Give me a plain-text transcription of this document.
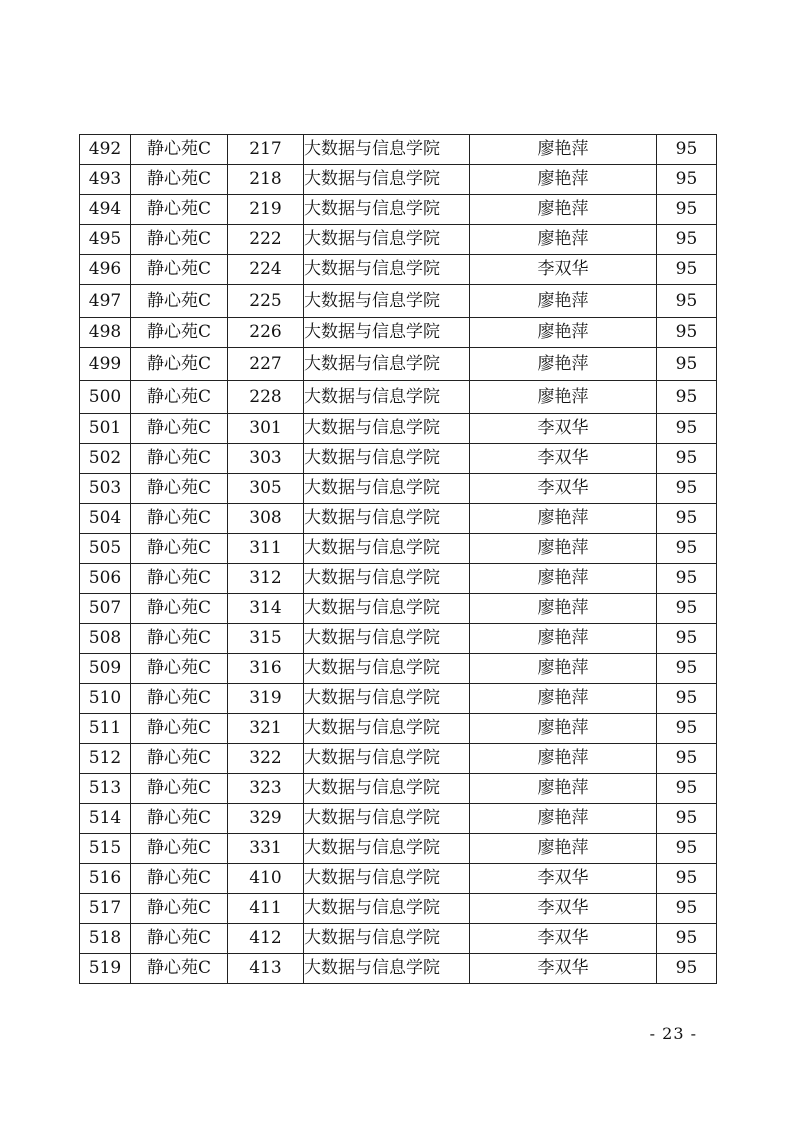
492	静心苑C	217	大数据与信息学院	廖艳萍	95
493	静心苑C	218	大数据与信息学院	廖艳萍	95
494	静心苑C	219	大数据与信息学院	廖艳萍	95
495	静心苑C	222	大数据与信息学院	廖艳萍	95
496	静心苑C	224	大数据与信息学院	李双华	95
497	静心苑C	225	大数据与信息学院	廖艳萍	95
498	静心苑C	226	大数据与信息学院	廖艳萍	95
499	静心苑C	227	大数据与信息学院	廖艳萍	95
500	静心苑C	228	大数据与信息学院	廖艳萍	95
501	静心苑C	301	大数据与信息学院	李双华	95
502	静心苑C	303	大数据与信息学院	李双华	95
503	静心苑C	305	大数据与信息学院	李双华	95
504	静心苑C	308	大数据与信息学院	廖艳萍	95
505	静心苑C	311	大数据与信息学院	廖艳萍	95
506	静心苑C	312	大数据与信息学院	廖艳萍	95
507	静心苑C	314	大数据与信息学院	廖艳萍	95
508	静心苑C	315	大数据与信息学院	廖艳萍	95
509	静心苑C	316	大数据与信息学院	廖艳萍	95
510	静心苑C	319	大数据与信息学院	廖艳萍	95
511	静心苑C	321	大数据与信息学院	廖艳萍	95
512	静心苑C	322	大数据与信息学院	廖艳萍	95
513	静心苑C	323	大数据与信息学院	廖艳萍	95
514	静心苑C	329	大数据与信息学院	廖艳萍	95
515	静心苑C	331	大数据与信息学院	廖艳萍	95
516	静心苑C	410	大数据与信息学院	李双华	95
517	静心苑C	411	大数据与信息学院	李双华	95
518	静心苑C	412	大数据与信息学院	李双华	95
519	静心苑C	413	大数据与信息学院	李双华	95
- 23 -
